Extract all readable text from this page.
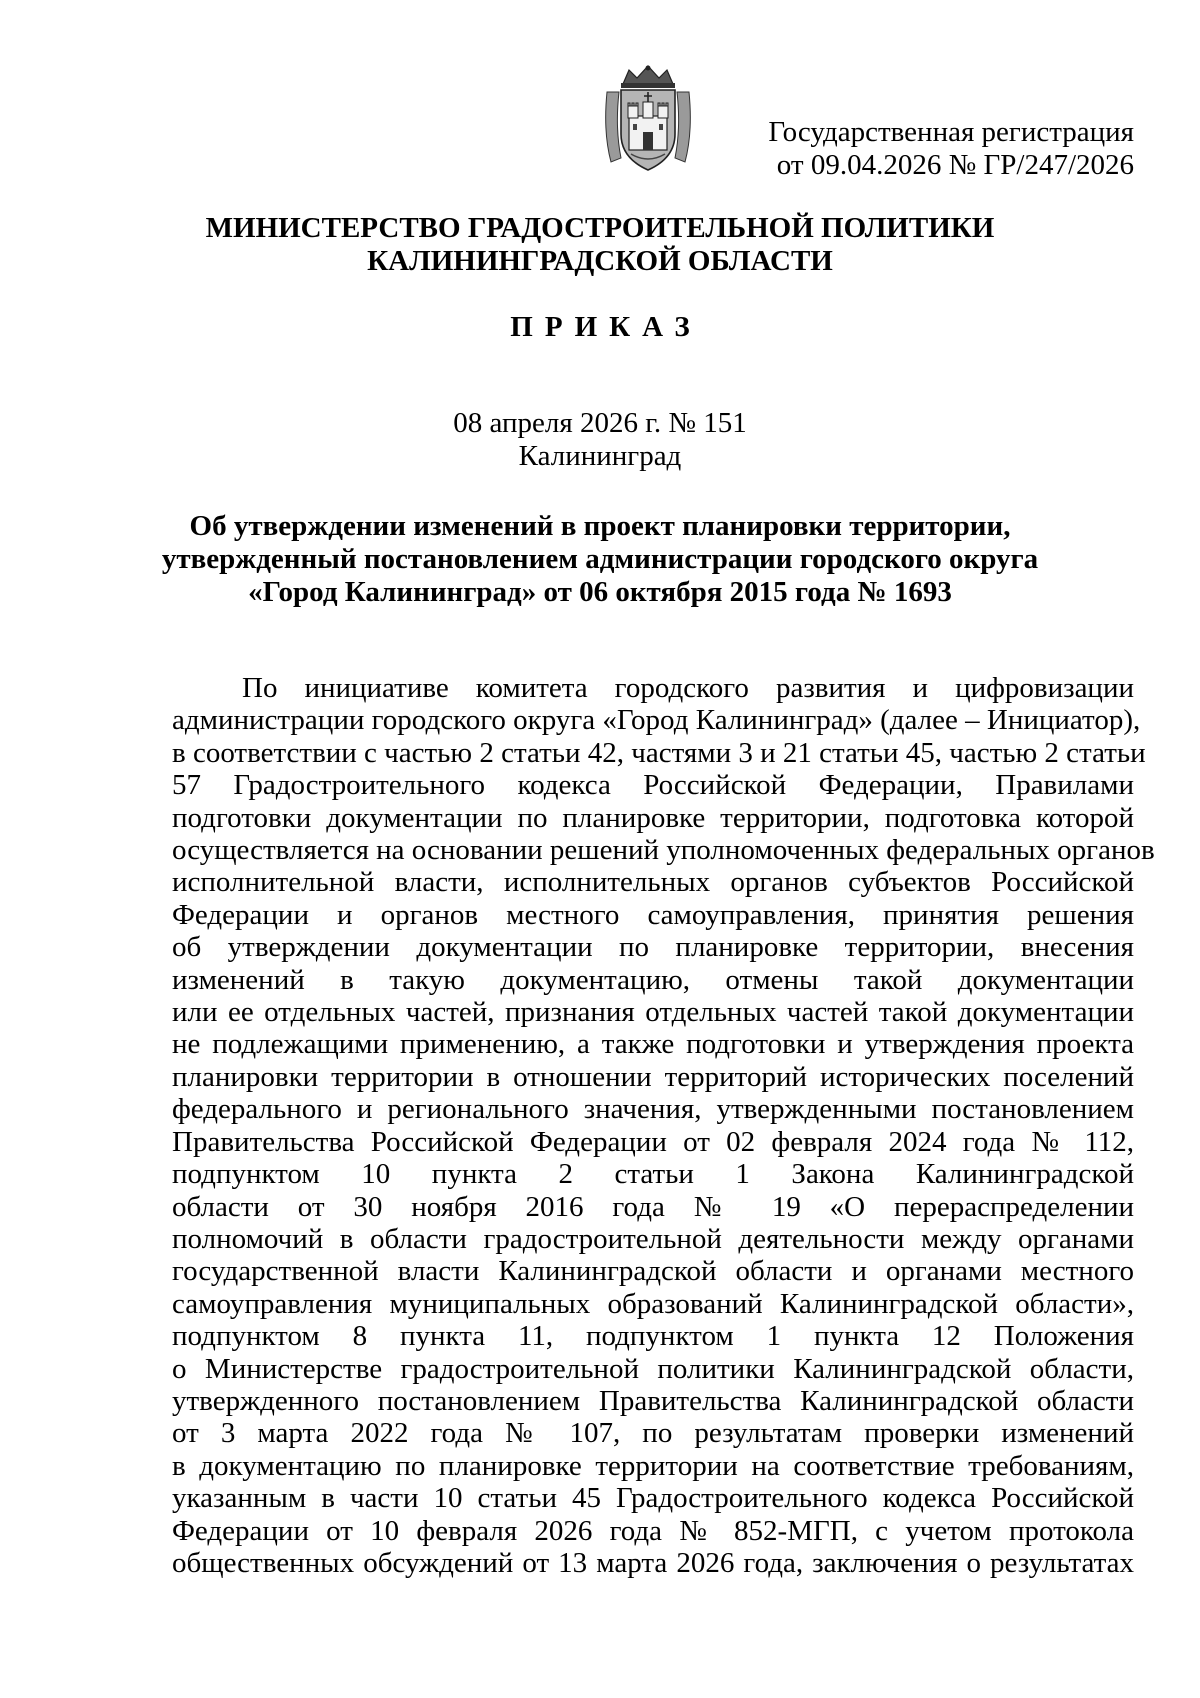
Государственная регистрация
от 09.04.2026 № ГР/247/2026
МИНИСТЕРСТВО ГРАДОСТРОИТЕЛЬНОЙ ПОЛИТИКИ
КАЛИНИНГРАДСКОЙ ОБЛАСТИ
ПРИКАЗ
08 апреля 2026 г. № 151
Калининград
Об утверждении изменений в проект планировки территории,
утвержденный постановлением администрации городского округа
«Город Калининград» от 06 октября 2015 года № 1693
По инициативе комитета городского развития и цифровизации
администрации городского округа «Город Калининград» (далее – Инициатор),
в соответствии с частью 2 статьи 42, частями 3 и 21 статьи 45, частью 2 статьи
57 Градостроительного кодекса Российской Федерации, Правилами
подготовки документации по планировке территории, подготовка которой
осуществляется на основании решений уполномоченных федеральных органов
исполнительной власти, исполнительных органов субъектов Российской
Федерации и органов местного самоуправления, принятия решения
об утверждении документации по планировке территории, внесения
изменений в такую документацию, отмены такой документации
или ее отдельных частей, признания отдельных частей такой документации
не подлежащими применению, а также подготовки и утверждения проекта
планировки территории в отношении территорий исторических поселений
федерального и регионального значения, утвержденными постановлением
Правительства Российской Федерации от 02 февраля 2024 года № 112,
подпунктом 10 пункта 2 статьи 1 Закона Калининградской
области от 30 ноября 2016 года № 19 «О перераспределении
полномочий в области градостроительной деятельности между органами
государственной власти Калининградской области и органами местного
самоуправления муниципальных образований Калининградской области»,
подпунктом 8 пункта 11, подпунктом 1 пункта 12 Положения
о Министерстве градостроительной политики Калининградской области,
утвержденного постановлением Правительства Калининградской области
от 3 марта 2022 года № 107, по результатам проверки изменений
в документацию по планировке территории на соответствие требованиям,
указанным в части 10 статьи 45 Градостроительного кодекса Российской
Федерации от 10 февраля 2026 года № 852-МГП, с учетом протокола
общественных обсуждений от 13 марта 2026 года, заключения о результатах
